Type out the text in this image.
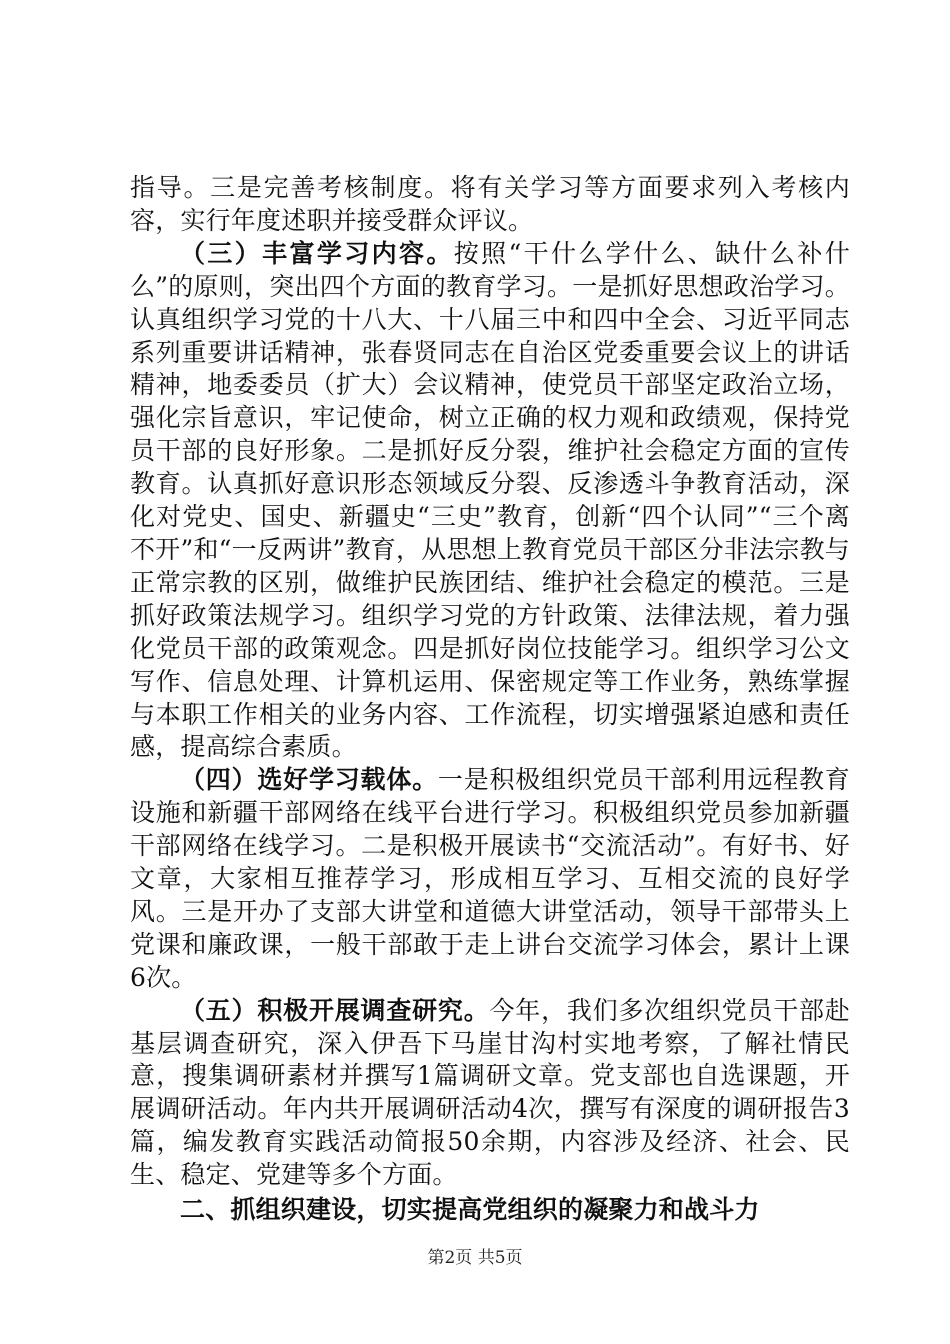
指导。三是完善考核制度。将有关学习等方面要求列入考核内容，实行年度述职并接受群众评议。

（三）丰富学习内容。按照“干什么学什么、缺什么补什么”的原则，突出四个方面的教育学习。一是抓好思想政治学习。认真组织学习党的十八大、十八届三中和四中全会、习近平同志系列重要讲话精神，张春贤同志在自治区党委重要会议上的讲话精神，地委委员（扩大）会议精神，使党员干部坚定政治立场，强化宗旨意识，牢记使命，树立正确的权力观和政绩观，保持党员干部的良好形象。二是抓好反分裂，维护社会稳定方面的宣传教育。认真抓好意识形态领域反分裂、反渗透斗争教育活动，深化对党史、国史、新疆史“三史”教育，创新“四个认同”“三个离不开”和“一反两讲”教育，从思想上教育党员干部区分非法宗教与正常宗教的区别，做维护民族团结、维护社会稳定的模范。三是抓好政策法规学习。组织学习党的方针政策、法律法规，着力强化党员干部的政策观念。四是抓好岗位技能学习。组织学习公文写作、信息处理、计算机运用、保密规定等工作业务，熟练掌握与本职工作相关的业务内容、工作流程，切实增强紧迫感和责任感，提高综合素质。

（四）选好学习载体。一是积极组织党员干部利用远程教育设施和新疆干部网络在线平台进行学习。积极组织党员参加新疆干部网络在线学习。二是积极开展读书“交流活动”。有好书、好文章，大家相互推荐学习，形成相互学习、互相交流的良好学风。三是开办了支部大讲堂和道德大讲堂活动，领导干部带头上党课和廉政课，一般干部敢于走上讲台交流学习体会，累计上课6次。

（五）积极开展调查研究。今年，我们多次组织党员干部赴基层调查研究，深入伊吾下马崖甘沟村实地考察，了解社情民意，搜集调研素材并撰写1篇调研文章。党支部也自选课题，开展调研活动。年内共开展调研活动4次，撰写有深度的调研报告3篇，编发教育实践活动简报50余期，内容涉及经济、社会、民生、稳定、党建等多个方面。

二、抓组织建设，切实提高党组织的凝聚力和战斗力

第2页 共5页
